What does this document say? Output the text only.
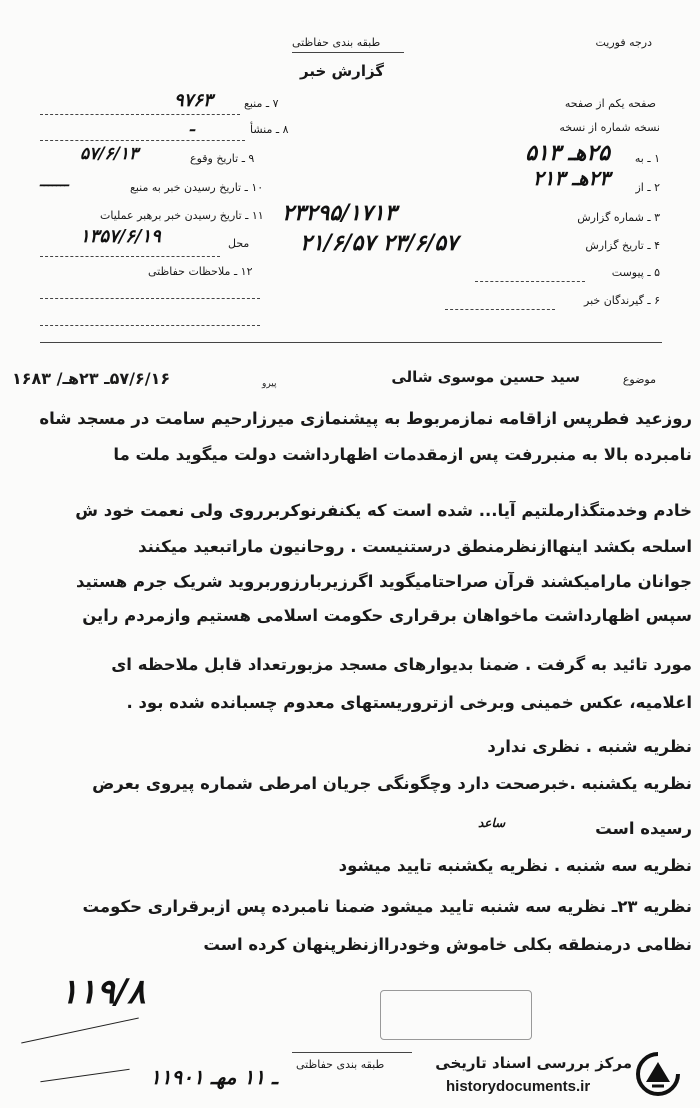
درجه فوریت
طبقه بندی حفاظتی
گزارش خبر
صفحه یکم از صفحه
نسخه شماره از نسخه
۱ ـ به
۲۵هـ ۵۱۳
۲ ـ از
۲۳هـ ۲۱۳
۳ ـ شماره گزارش
۲۳۲۹۵/۱۷۱۳
۴ ـ تاریخ گزارش
۲۱/۶/۵۷ ۲۳/۶/۵۷
۵ ـ پیوست
۶ ـ گیرندگان خبر
۷ ـ منبع
۹۷۶۳
۸ ـ منشأ
ـ
۹ ـ تاریخ وقوع
۵۷/۶/۱۳
۱۰ ـ تاریخ رسیدن خبر به منبع
ـــــــ
۱۱ ـ تاریخ رسیدن خبر برهبر عملیات
محل
۱۳۵۷/۶/۱۹
۱۲ ـ ملاحظات حفاظتی
موضوع
سید حسین موسوی شالی
پیرو
۵۷/۶/۱۶ـ ۲۳هـ/ ۱۶۸۳
روزعید فطرپس ازاقامه نمازمربوط به پیشنمازی میرزارحیم سامت در مسجد شاه
نامبرده بالا به منبررفت پس ازمقدمات اظهارداشت دولت میگوید ملت ما
خادم وخدمتگذارملتیم آیا... شده است که یکنفرنوکربرروی ولی نعمت خود ش
اسلحه بکشد اینهاازنظرمنطق درستنیست . روحانیون ماراتبعید میکنند
جوانان مارامیکشند قرآن صراحتامیگوید اگرزیربارزوربروید شریک جرم هستید
سپس اظهارداشت ماخواهان برقراری حکومت اسلامی هستیم وازمردم راین
مورد تائید به گرفت . ضمنا بدیوارهای مسجد مزبورتعداد قابل ملاحظه ای
اعلامیه، عکس خمینی وبرخی ازتروریستهای معدوم چسبانده شده بود .
نظریه شنبه . نظری ندارد
نظریه یکشنبه .خبرصحت دارد وچگونگی جریان امرطی شماره پیروی بعرض
رسیده است
ساعد
نظریه سه شنبه . نظریه یکشنبه تایید میشود
نظریه ۲۳ـ نظریه سه شنبه تایید میشود ضمنا نامبرده پس ازبرقراری حکومت
نظامی درمنطقه بکلی خاموش وخودراازنظرپنهان کرده است
۱۱۹/۸
۱۱۹۰۱ ـ ۱۱ مهـ
طبقه بندی حفاظتی	مرکز بررسی اسناد تاریخی
historydocuments.ir
